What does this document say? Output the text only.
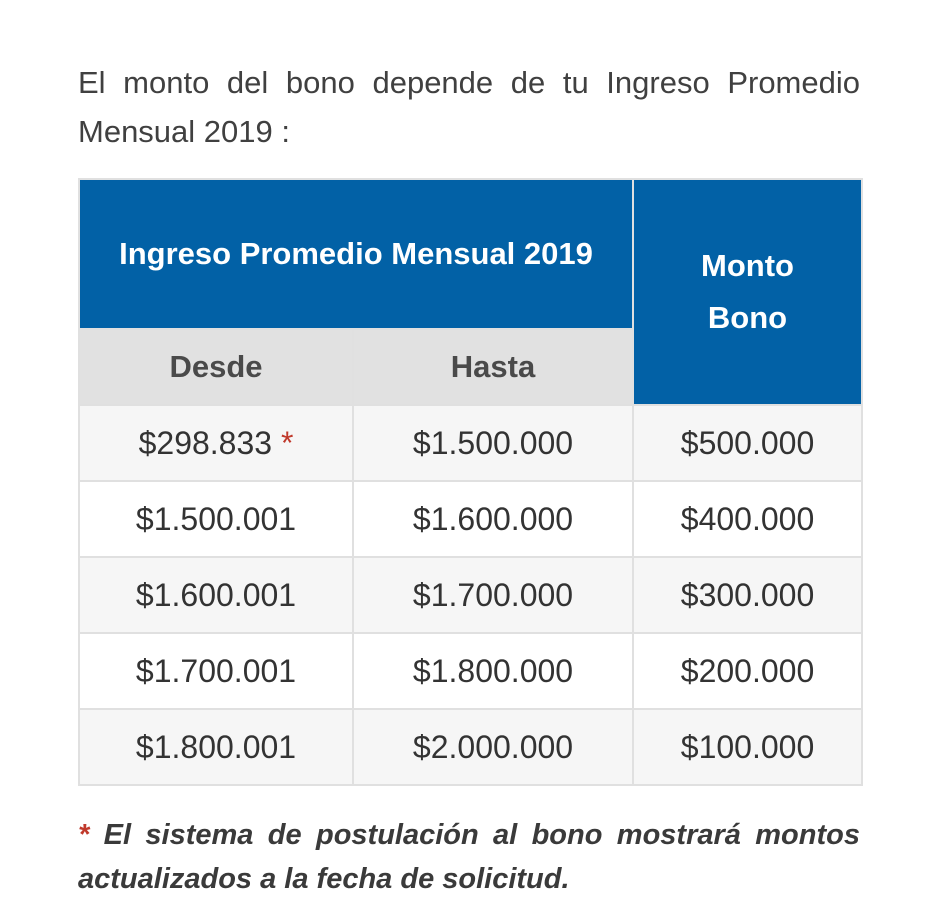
El monto del bono depende de tu Ingreso Promedio Mensual 2019 :

Ingreso Promedio Mensual 2019		Monto Bono

Desde	Hasta	
$298.833 *	$1.500.000	$500.000
$1.500.001	$1.600.000	$400.000
$1.600.001	$1.700.000	$300.000
$1.700.001	$1.800.000	$200.000
$1.800.001	$2.000.000	$100.000

* El sistema de postulación al bono mostrará montos actualizados a la fecha de solicitud.
